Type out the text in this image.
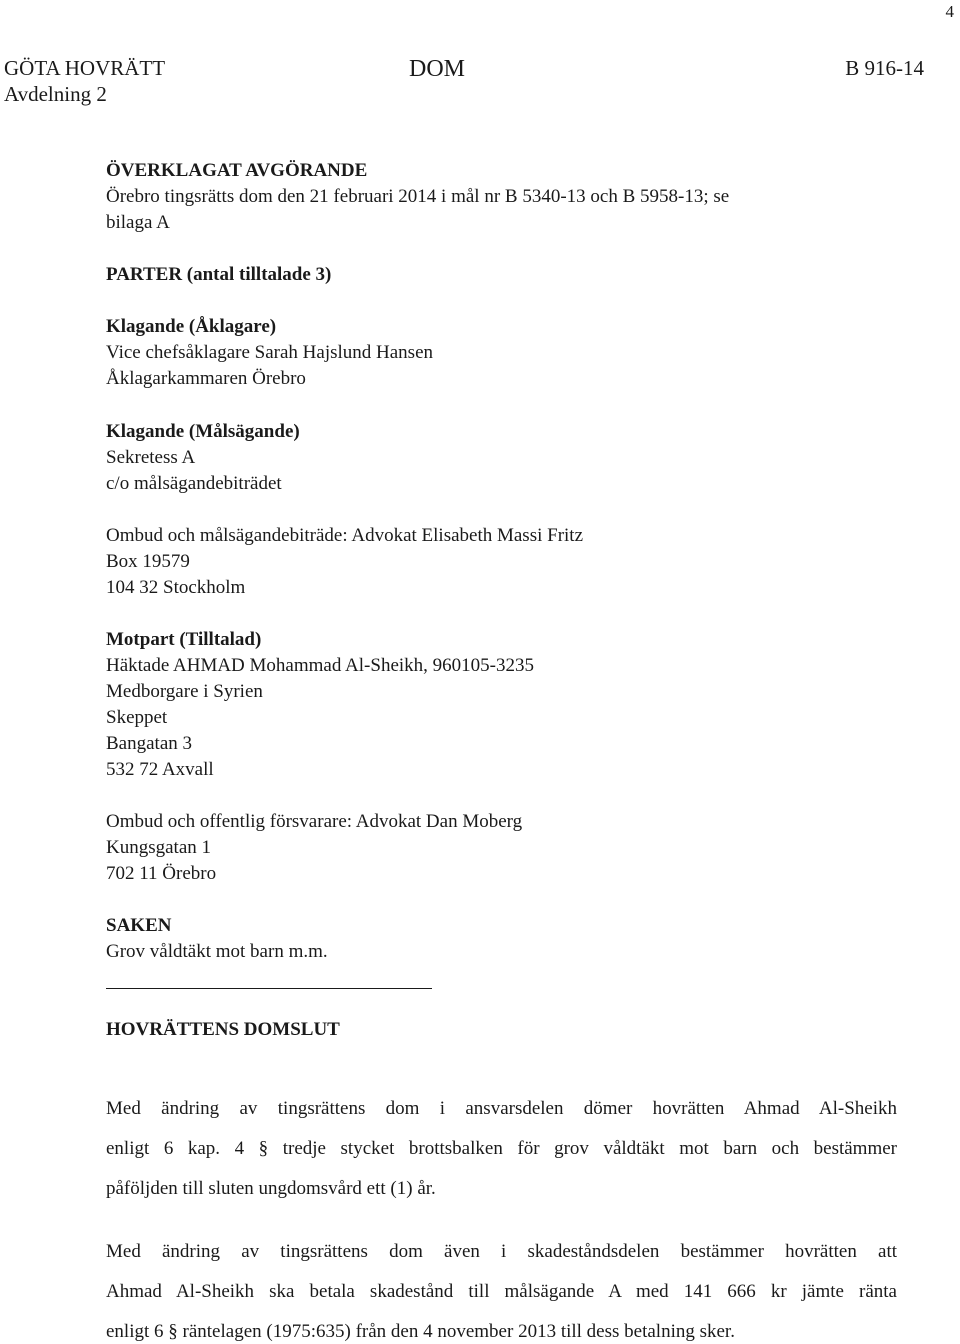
4
GÖTA HOVRÄTT
Avdelning 2
DOM	B 916-14
ÖVERKLAGAT AVGÖRANDE
Örebro tingsrätts dom den 21 februari 2014 i mål nr B 5340-13 och B 5958-13; se
bilaga A
PARTER (antal tilltalade 3)
Klagande (Åklagare)
Vice chefsåklagare Sarah Hajslund Hansen
Åklagarkammaren Örebro
Klagande (Målsägande)
Sekretess A
c/o målsägandebiträdet
Ombud och målsägandebiträde: Advokat Elisabeth Massi Fritz
Box 19579
104 32 Stockholm
Motpart (Tilltalad)
Häktade AHMAD Mohammad Al-Sheikh, 960105-3235
Medborgare i Syrien
Skeppet
Bangatan 3
532 72 Axvall
Ombud och offentlig försvarare: Advokat Dan Moberg
Kungsgatan 1
702 11 Örebro
SAKEN
Grov våldtäkt mot barn m.m.
HOVRÄTTENS DOMSLUT
Med ändring av tingsrättens dom i ansvarsdelen dömer hovrätten Ahmad Al-Sheikh
enligt 6 kap. 4 § tredje stycket brottsbalken för grov våldtäkt mot barn och bestämmer
påföljden till sluten ungdomsvård ett (1) år.
Med ändring av tingsrättens dom även i skadeståndsdelen bestämmer hovrätten att
Ahmad Al-Sheikh ska betala skadestånd till målsägande A med 141 666 kr jämte ränta
enligt 6 § räntelagen (1975:635) från den 4 november 2013 till dess betalning sker.
